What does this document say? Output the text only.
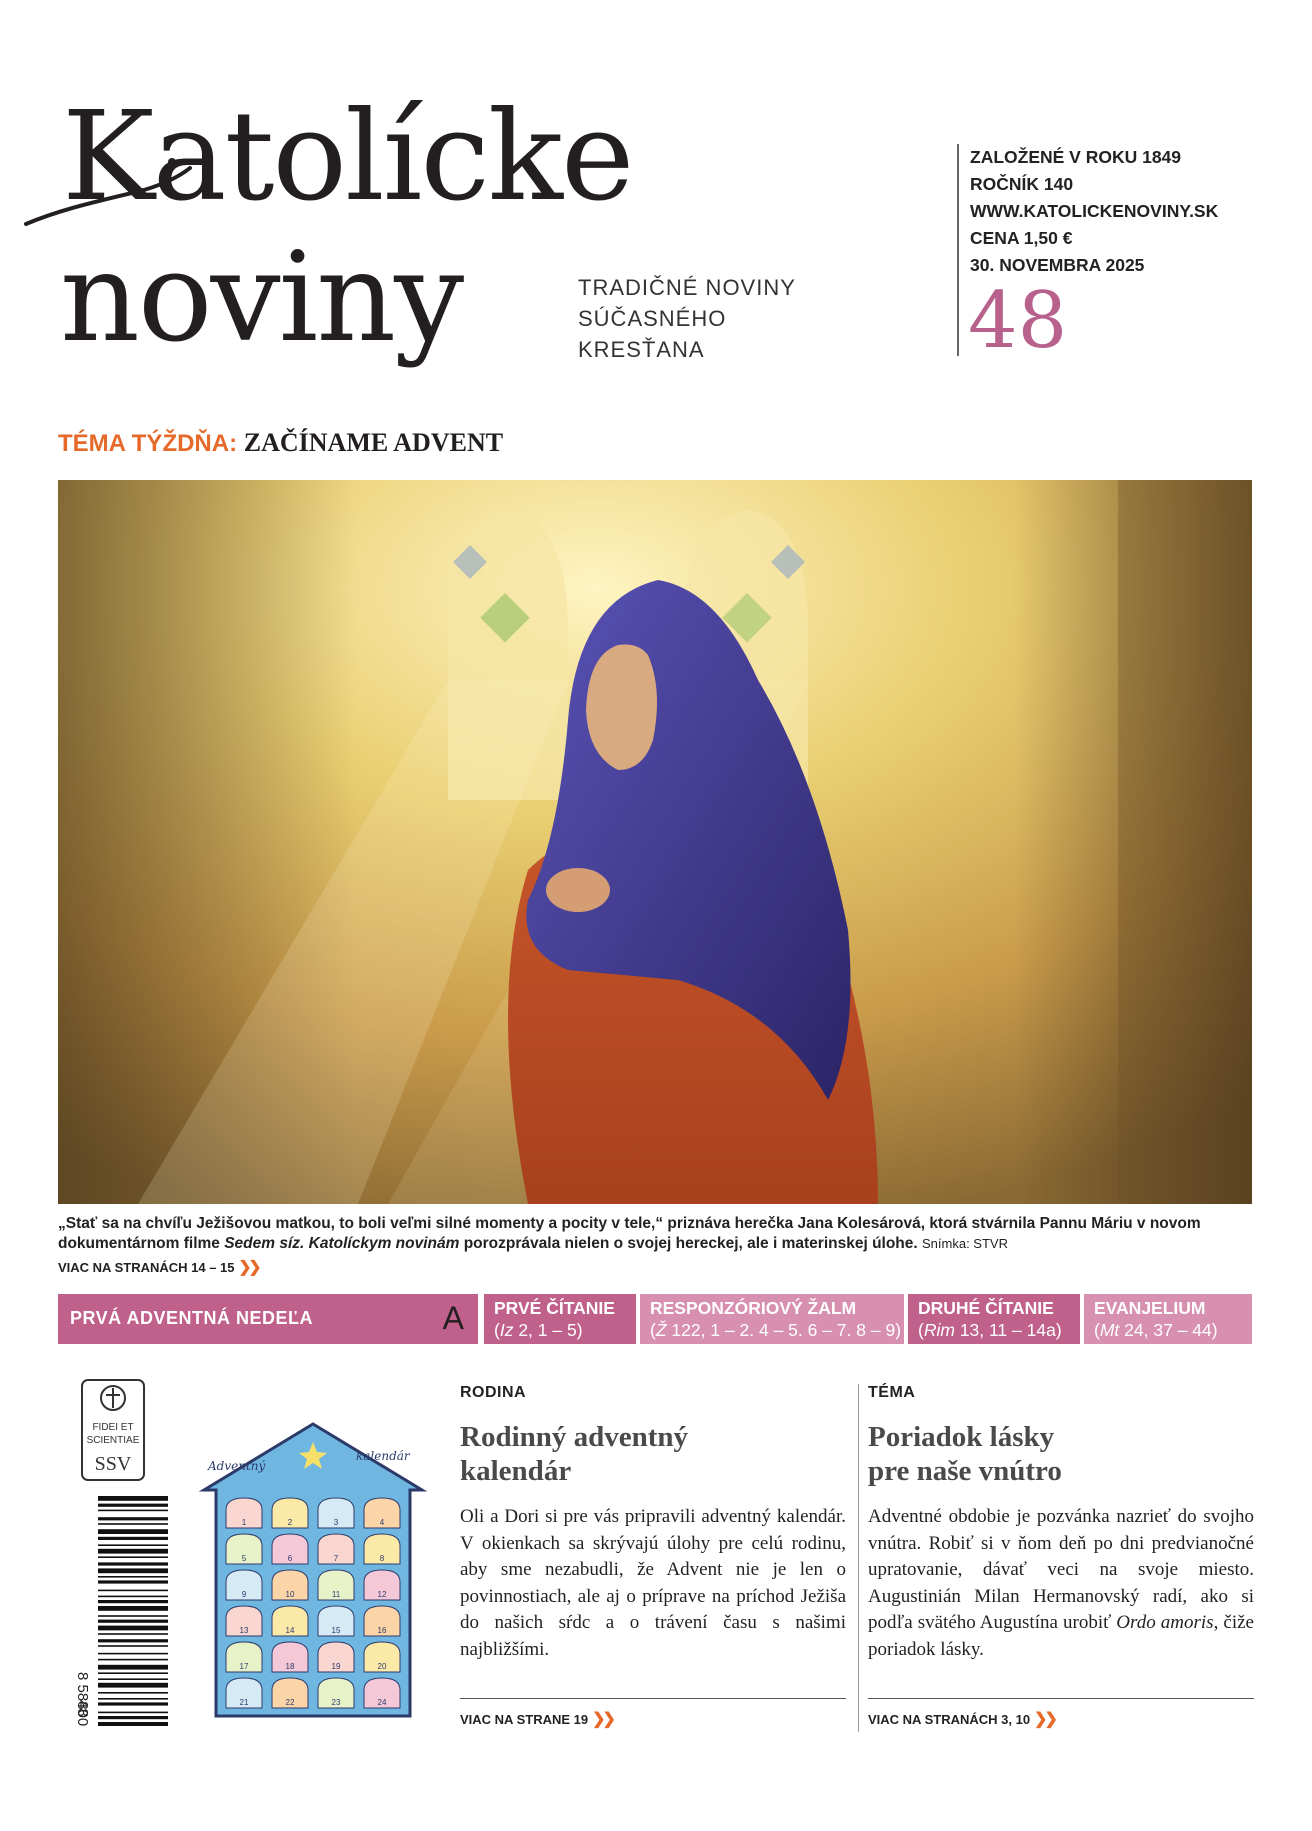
Katolícke
noviny	TRADIČNÉ NOVINY
SÚČASNÉHO
KRESŤANA
ZALOŽENÉ V ROKU 1849
ROČNÍK 140
WWW.KATOLICKENOVINY.SK
CENA 1,50 €
30. NOVEMBRA 2025
48
TÉMA TÝŽDŇA: ZAČÍNAME ADVENT
„Stať sa na chvíľu Ježišovou matkou, to boli veľmi silné momenty a pocity v tele,“ priznáva herečka Jana Kolesárová, ktorá stvárnila Pannu Máriu v novom dokumentárnom filme Sedem síz. Katolíckym novinám porozprávala nielen o svojej hereckej, ale i materinskej úlohe. Snímka: STVR
VIAC NA STRANÁCH 14 – 15 ❯❯
PRVÁ ADVENTNÁ NEDEĽA	A PRVÉ ČÍTANIE
(Iz 2, 1 – 5)
RESPONZÓRIOVÝ ŽALM
(Ž 122, 1 – 2. 4 – 5. 6 – 7. 8 – 9)
DRUHÉ ČÍTANIE
(Rim 13, 11 – 14a)
EVANJELIUM
(Mt 24, 37 – 44)
FIDEI ET
SCIENTIAE
SSV
48
Adventný
kalendár
1	2	3	4
5	6	7	8
9	10	11	12
13	14	15	16
17	18	19	20
21	22	23	24
RODINA
Rodinný adventný
kalendár
Oli a Dori si pre vás pripravili adventný kalendár. V okienkach sa skrývajú úlohy pre celú rodinu, aby sme nezabudli, že Advent nie je len o povinnostiach, ale aj o príprave na príchod Ježiša do našich sŕdc a o trávení času s našimi najbližšími.
TÉMA
Poriadok lásky
pre naše vnútro
Adventné obdobie je pozvánka nazrieť do svojho vnútra. Robiť si v ňom deň po dni predvianočné upratovanie, dávať veci na svoje miesto. Augustinián Milan Hermanovský radí, ako si podľa svätého Augustína urobiť Ordo amoris, čiže poriadok lásky.
VIAC NA STRANE 19 ❯❯	VIAC NA STRANÁCH 3, 10 ❯❯
